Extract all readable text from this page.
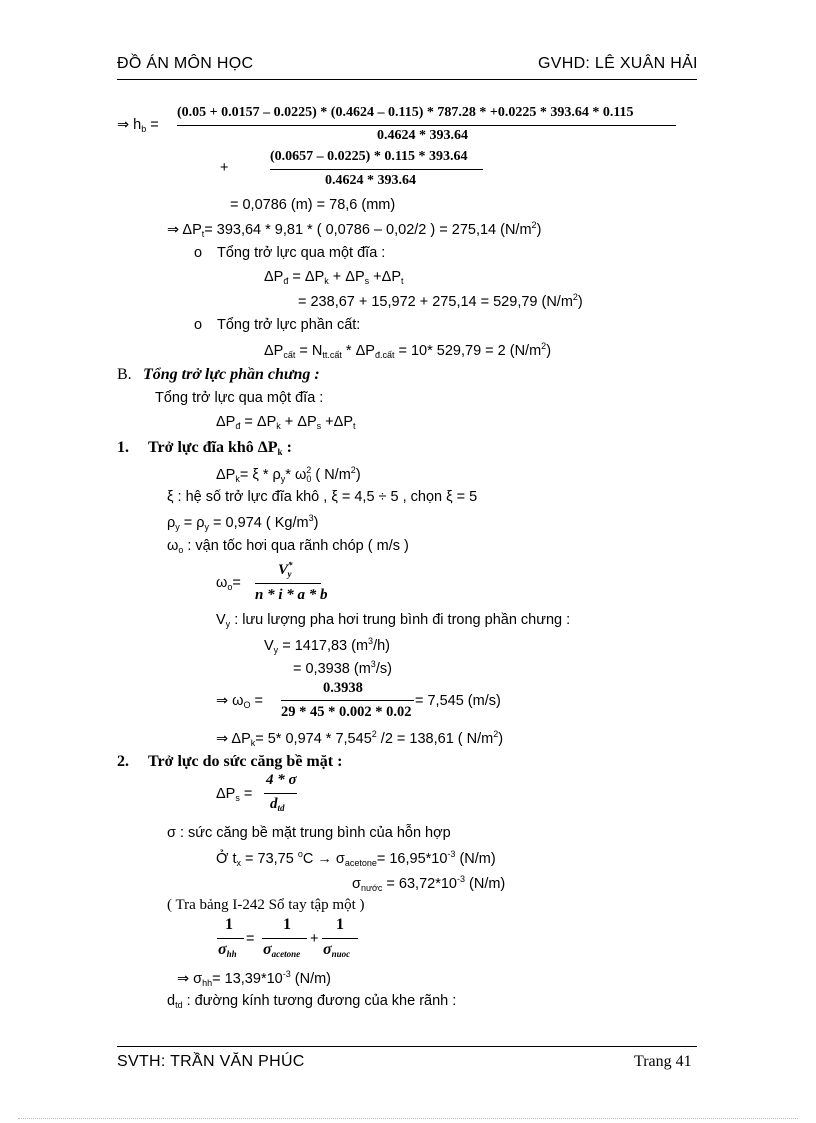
ĐỒ ÁN MÔN HỌC	GVHD: LÊ XUÂN HẢI
⇒ $h_b$ =
(0.05 + 0.0157 – 0.0225) * (0.4624 – 0.115) * 787.28 * +0.0225 * 393.64 * 0.115
0.4624 * 393.64
+
(0.0657 – 0.0225) * 0.115 * 393.64
0.4624 * 393.64
= 0,0786 (m) = 78,6 (mm)
⇒ $\Delta P_t= 393,64 * 9,81$ * ( 0,0786 – 0,02/2 ) = 275,14 $(N/m^2)$
o Tổng trở lực qua một đĩa :
$\Delta P_đ = \Delta P_k + \Delta P_s +\Delta P_t$
= 238,67 + 15,972 + 275,14 = 529,79 $(N/m^2)$
o Tổng trở lực phần cất:
$\Delta P_{cất} = N_{tt.cất} * \Delta P_{đ.cất} = 10*$ 529,79 = 2 $(N/m^2)$
B. Tổng trở lực phần chưng :
Tổng trở lực qua một đĩa :
$\Delta P_đ = \Delta P_k + \Delta P_s +\Delta P_t$
1. Trở lực đĩa khô $\Delta P_k$ :
$\Delta P_k= \xi * \rho_y*$ $\omega^2_0$ ( $N/m^2$)
ξ : hệ số trở lực đĩa khô , ξ = 4,5 ÷ 5 , chọn ξ = 5
$\rho_y = \rho_y = 0,974$ ( $Kg/m^3$)
$\omega_o$ : vận tốc hơi qua rãnh chóp ( m/s )
$\omega_o=$
$V^*_y$
n * i * a * b
$V_y$ : lưu lượng pha hơi trung bình đi trong phần chưng :
$V_y = 1417,83$ $(m^3/h)$
= 0,3938 $(m^3/s)$
⇒ $\omega_O$ =
0.3938
29 * 45 * 0.002 * 0.02
= 7,545 (m/s)
⇒ $\Delta P_k= 5*$ 0,974 * 7,545$^2$ /2 = 138,61 ( $N/m^2$)
2. Trở lực do sức căng bề mặt :
$\Delta P_s$ =
4 * σ
$d_{td}$
σ : sức căng bề mặt trung bình của hỗn hợp
Ở $t_x = 73,75$ $^oC \to \sigma_{acetone}= 16,95*10^{-3}$ (N/m)
$\sigma_{nước} = 63,72*10^{-3}$ (N/m)
( Tra bảng I-242 Sổ tay tập một )
1
$\sigma_{hh}$
=
1
$\sigma_{acetone}$
+
1
$\sigma_{nuoc}$
⇒ $\sigma_{hh}= 13,39*10^{-3}$ (N/m)
$d_{td}$ : đường kính tương đương của khe rãnh :
SVTH: TRẦN VĂN PHÚC	Trang 41
